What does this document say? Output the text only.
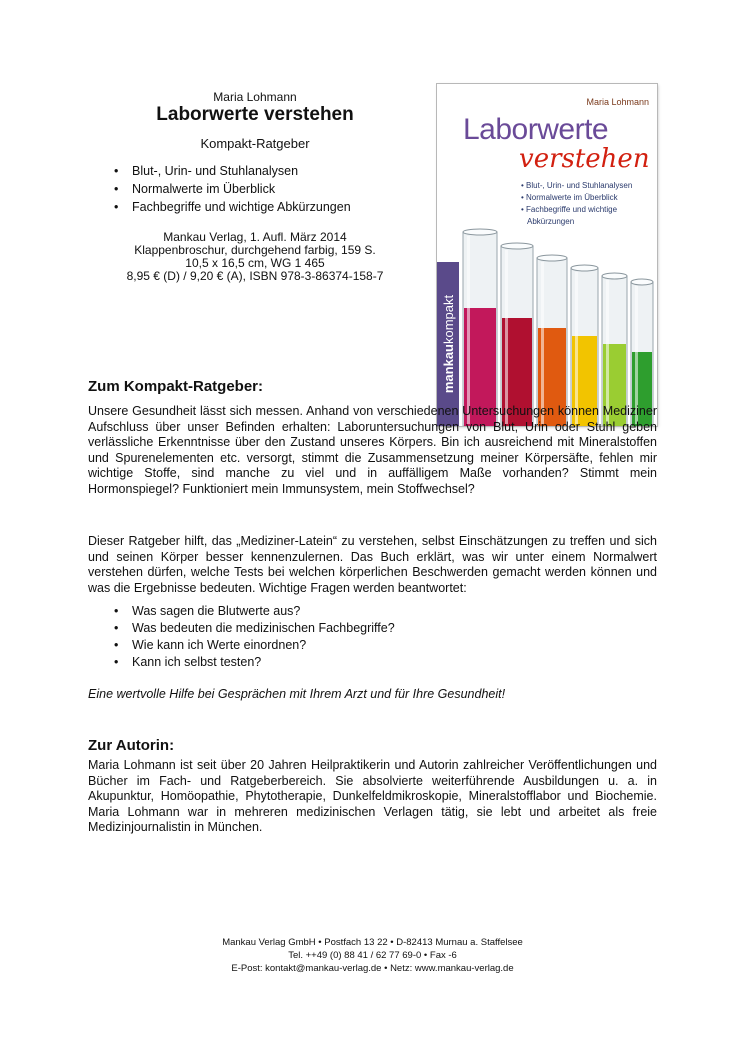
Maria Lohmann
Laborwerte verstehen
Kompakt-Ratgeber
• Blut-, Urin- und Stuhlanalysen
• Normalwerte im Überblick
• Fachbegriffe und wichtige Abkürzungen
Mankau Verlag, 1. Aufl. März 2014
Klappenbroschur, durchgehend farbig, 159 S.
10,5 x 16,5 cm, WG 1 465
8,95 € (D) / 9,20 € (A), ISBN 978-3-86374-158-7
Maria Lohmann
Laborwerte
verstehen
• Blut-, Urin- und Stuhlanalysen
• Normalwerte im Überblick
• Fachbegriffe und wichtige Abkürzungen
mankau
kompakt
Zum Kompakt-Ratgeber:

Unsere Gesundheit lässt sich messen. Anhand von verschiedenen Untersuchungen können Mediziner Aufschluss über unser Befinden erhalten: Laboruntersuchungen von Blut, Urin oder Stuhl geben verlässliche Erkenntnisse über den Zustand unseres Körpers. Bin ich ausreichend mit Mineralstoffen und Spurenelementen etc. versorgt, stimmt die Zusammensetzung meiner Körpersäfte, fehlen mir wichtige Stoffe, sind manche zu viel und in auffälligem Maße vorhanden? Stimmt mein Hormonspiegel? Funktioniert mein Immunsystem, mein Stoffwechsel?

Dieser Ratgeber hilft, das „Mediziner-Latein“ zu verstehen, selbst Einschätzungen zu treffen und sich und seinen Körper besser kennenzulernen. Das Buch erklärt, was wir unter einem Normalwert verstehen dürfen, welche Tests bei welchen körperlichen Beschwerden gemacht werden können und was die Ergebnisse bedeuten. Wichtige Fragen werden beantwortet:

• Was sagen die Blutwerte aus?
• Was bedeuten die medizinischen Fachbegriffe?
• Wie kann ich Werte einordnen?
• Kann ich selbst testen?
Eine wertvolle Hilfe bei Gesprächen mit Ihrem Arzt und für Ihre Gesundheit!
Zur Autorin:

Maria Lohmann ist seit über 20 Jahren Heilpraktikerin und Autorin zahlreicher Veröffentlichungen und Bücher im Fach- und Ratgeberbereich. Sie absolvierte weiterführende Ausbildungen u. a. in Akupunktur, Homöopathie, Phytotherapie, Dunkelfeldmikroskopie, Mineralstofflabor und Biochemie. Maria Lohmann war in mehreren medizinischen Verlagen tätig, sie lebt und arbeitet als freie Medizinjournalistin in München.

Mankau Verlag GmbH • Postfach 13 22 • D-82413 Murnau a. Staffelsee
Tel. ++49 (0) 88 41 / 62 77 69-0 • Fax -6
E-Post: kontakt@mankau-verlag.de • Netz: www.mankau-verlag.de
